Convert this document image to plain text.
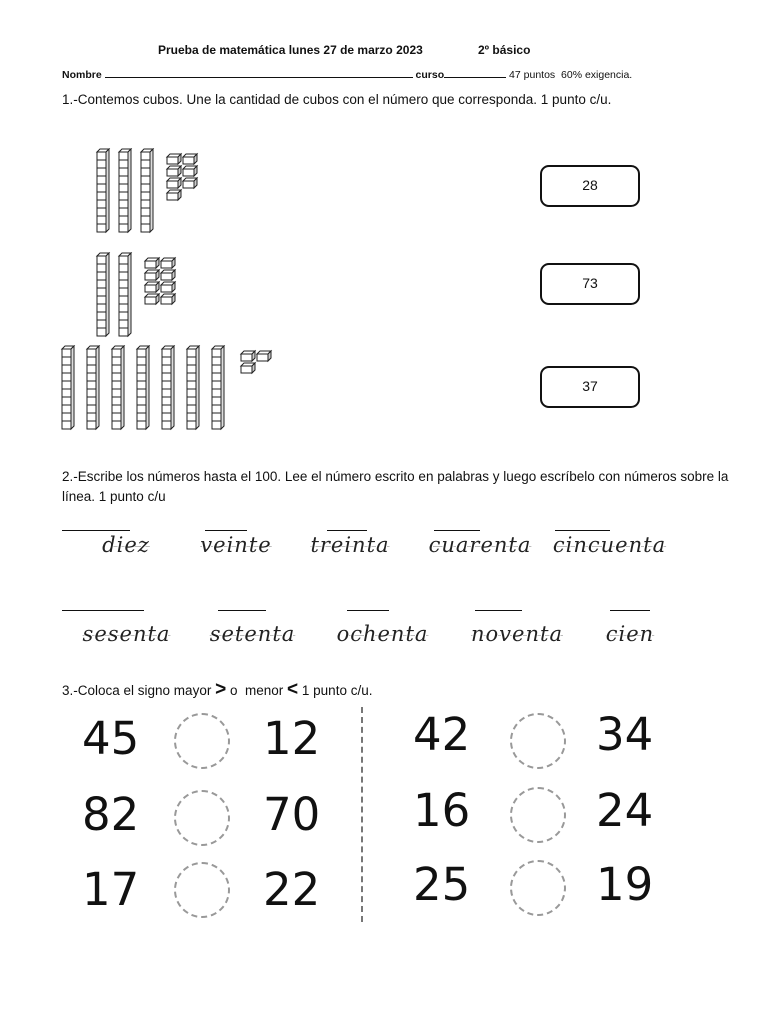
Prueba de matemática lunes 27 de marzo 2023	2º básico
Nombre	curso	47 puntos 60% exigencia.
1.-Contemos cubos. Une la cantidad de cubos con el número que corresponda. 1 punto c/u.
28
73
37
2.-Escribe los números hasta el 100. Lee el número escrito en palabras y luego escríbelo con números sobre la línea. 1 punto c/u
diez	veinte	treinta	cuarenta	cincuenta
sesenta	setenta	ochenta	noventa	cien
3.-Coloca el signo mayor > o menor < 1 punto c/u.
45	12
82	70
17	22
42	34
16	24
25	19
